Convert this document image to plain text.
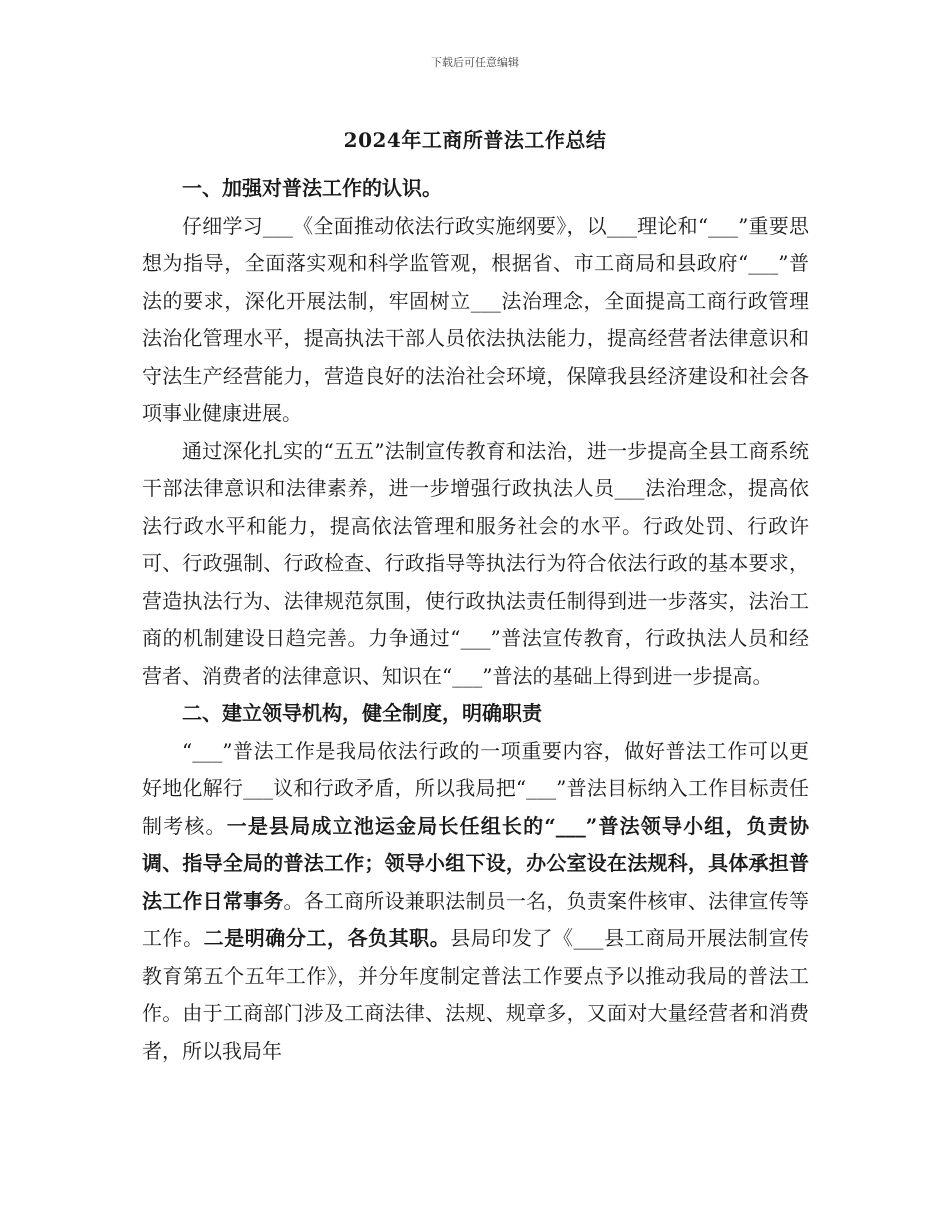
下载后可任意编辑
2024年工商所普法工作总结
一、加强对普法工作的认识。

仔细学习___《全面推动依法行政实施纲要》，以___理论和“___”重要思想为指导，全面落实观和科学监管观，根据省、市工商局和县政府“___”普法的要求，深化开展法制，牢固树立___法治理念，全面提高工商行政管理法治化管理水平，提高执法干部人员依法执法能力，提高经营者法律意识和守法生产经营能力，营造良好的法治社会环境，保障我县经济建设和社会各项事业健康进展。

通过深化扎实的“五五”法制宣传教育和法治，进一步提高全县工商系统干部法律意识和法律素养，进一步增强行政执法人员___法治理念，提高依法行政水平和能力，提高依法管理和服务社会的水平。行政处罚、行政许可、行政强制、行政检查、行政指导等执法行为符合依法行政的基本要求，营造执法行为、法律规范氛围，使行政执法责任制得到进一步落实，法治工商的机制建设日趋完善。力争通过“___”普法宣传教育，行政执法人员和经营者、消费者的法律意识、知识在“___”普法的基础上得到进一步提高。

二、建立领导机构，健全制度，明确职责

“___”普法工作是我局依法行政的一项重要内容，做好普法工作可以更好地化解行___议和行政矛盾，所以我局把“___”普法目标纳入工作目标责任制考核。一是县局成立池运金局长任组长的“___”普法领导小组，负责协调、指导全局的普法工作；领导小组下设，办公室设在法规科，具体承担普法工作日常事务。各工商所设兼职法制员一名，负责案件核审、法律宣传等工作。二是明确分工，各负其职。县局印发了《___县工商局开展法制宣传教育第五个五年工作》，并分年度制定普法工作要点予以推动我局的普法工作。由于工商部门涉及工商法律、法规、规章多，又面对大量经营者和消费者，所以我局年
